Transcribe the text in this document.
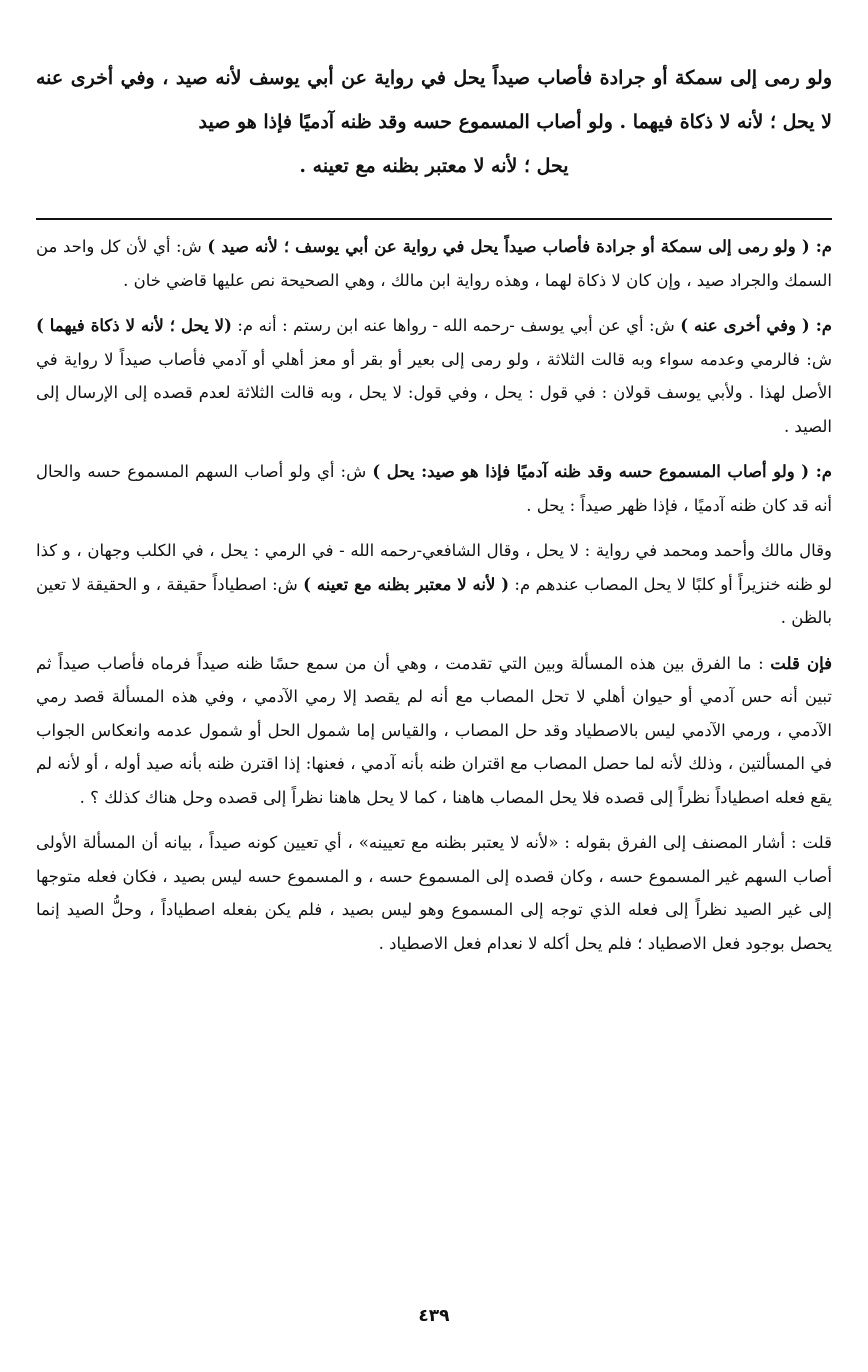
ولو رمى إلى سمكة أو جرادة فأصاب صيداً يحل في رواية عن أبي يوسف لأنه صيد ، وفي أخرى عنه لا يحل ؛ لأنه لا ذكاة فيهما . ولو أصاب المسموع حسه وقد ظنه آدميًا فإذا هو صيد
يحل ؛ لأنه لا معتبر بظنه مع تعينه .

م: ( ولو رمى إلى سمكة أو جرادة فأصاب صيداً يحل في رواية عن أبي يوسف ؛ لأنه صيد ) ش: أي لأن كل واحد من السمك والجراد صيد ، وإن كان لا ذكاة لهما ، وهذه رواية ابن مالك ، وهي الصحيحة نص عليها قاضي خان .

م: ( وفي أخرى عنه ) ش: أي عن أبي يوسف -رحمه الله - رواها عنه ابن رستم : أنه م: (لا يحل ؛ لأنه لا ذكاة فيهما ) ش: فالرمي وعدمه سواء وبه قالت الثلاثة ، ولو رمى إلى بعير أو بقر أو معز أهلي أو آدمي فأصاب صيداً لا رواية في الأصل لهذا . ولأبي يوسف قولان : في قول : يحل ، وفي قول: لا يحل ، وبه قالت الثلاثة لعدم قصده إلى الإرسال إلى الصيد .

م: ( ولو أصاب المسموع حسه وقد ظنه آدميًا فإذا هو صيد: يحل ) ش: أي ولو أصاب السهم المسموع حسه والحال أنه قد كان ظنه آدميًا ، فإذا ظهر صيداً : يحل .

وقال مالك وأحمد ومحمد في رواية : لا يحل ، وقال الشافعي-رحمه الله - في الرمي : يحل ، في الكلب وجهان ، و كذا لو ظنه خنزيراً أو كلبًا لا يحل المصاب عندهم م: ( لأنه لا معتبر بظنه مع تعينه ) ش: اصطياداً حقيقة ، و الحقيقة لا تعين بالظن .

فإن قلت : ما الفرق بين هذه المسألة وبين التي تقدمت ، وهي أن من سمع حسًا ظنه صيداً فرماه فأصاب صيداً ثم تبين أنه حس آدمي أو حيوان أهلي لا تحل المصاب مع أنه لم يقصد إلا رمي الآدمي ، وفي هذه المسألة قصد رمي الآدمي ، ورمي الآدمي ليس بالاصطياد وقد حل المصاب ، والقياس إما شمول الحل أو شمول عدمه وانعكاس الجواب في المسألتين ، وذلك لأنه لما حصل المصاب مع اقتران ظنه بأنه آدمي ، فعنها: إذا اقترن ظنه بأنه صيد أوله ، أو لأنه لم يقع فعله اصطياداً نظراً إلى قصده فلا يحل المصاب هاهنا ، كما لا يحل هاهنا نظراً إلى قصده وحل هناك كذلك ؟ .

قلت : أشار المصنف إلى الفرق بقوله : «لأنه لا يعتبر بظنه مع تعيينه» ، أي تعيين كونه صيداً ، بيانه أن المسألة الأولى أصاب السهم غير المسموع حسه ، وكان قصده إلى المسموع حسه ، و المسموع حسه ليس بصيد ، فكان فعله متوجها إلى غير الصيد نظراً إلى فعله الذي توجه إلى المسموع وهو ليس بصيد ، فلم يكن بفعله اصطياداً ، وحلُّ الصيد إنما يحصل بوجود فعل الاصطياد ؛ فلم يحل أكله لا نعدام فعل الاصطياد .

٤٣٩
